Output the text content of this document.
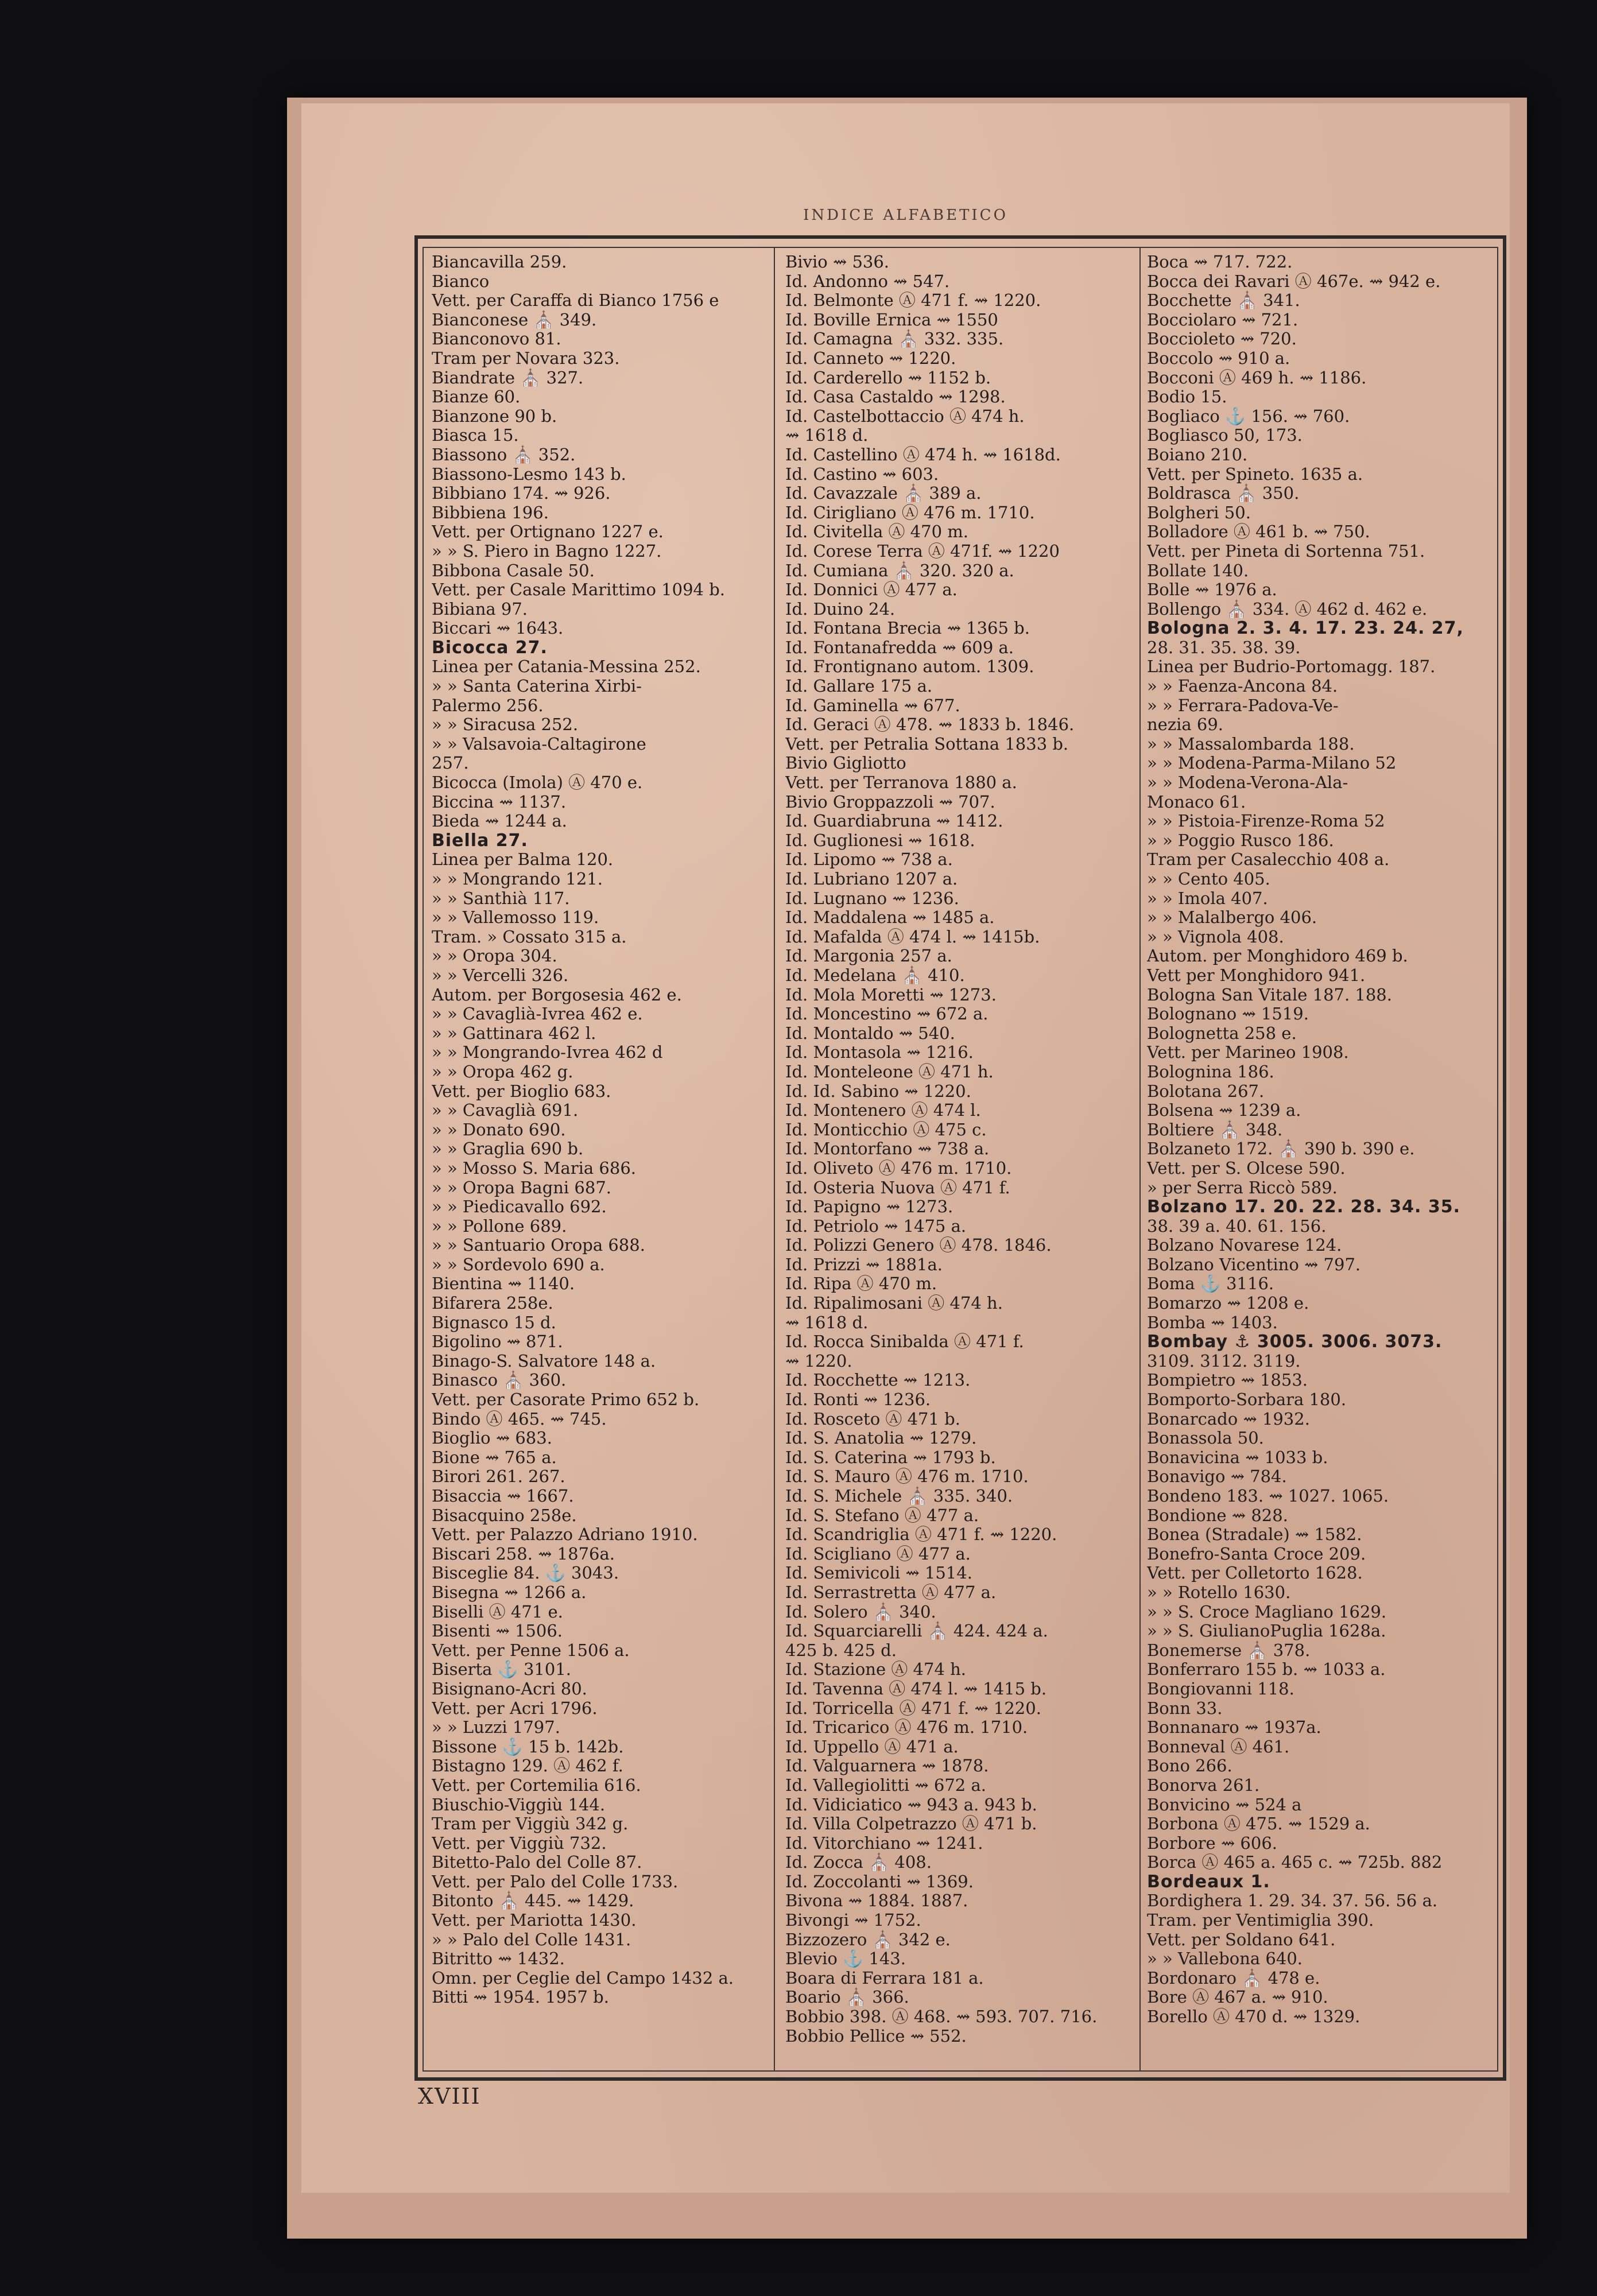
INDICE ALFABETICO
Biancavilla 259.
Bianco
Vett. per Caraffa di Bianco 1756 e
Bianconese ⛪ 349.
Bianconovo 81.
Tram per Novara 323.
Biandrate ⛪ 327.
Bianze 60.
Bianzone 90 b.
Biasca 15.
Biassono ⛪ 352.
Biassono-Lesmo 143 b.
Bibbiano 174. ⇝ 926.
Bibbiena 196.
Vett. per Ortignano 1227 e.
» » S. Piero in Bagno 1227.
Bibbona Casale 50.
Vett. per Casale Marittimo 1094 b.
Bibiana 97.
Biccari ⇝ 1643.
Bicocca 27.
Linea per Catania-Messina 252.
» » Santa Caterina Xirbi-
Palermo 256.
» » Siracusa 252.
» » Valsavoia-Caltagirone
257.
Bicocca (Imola) Ⓐ 470 e.
Biccina ⇝ 1137.
Bieda ⇝ 1244 a.
Biella 27.
Linea per Balma 120.
» » Mongrando 121.
» » Santhià 117.
» » Vallemosso 119.
Tram. » Cossato 315 a.
» » Oropa 304.
» » Vercelli 326.
Autom. per Borgosesia 462 e.
» » Cavaglià-Ivrea 462 e.
» » Gattinara 462 l.
» » Mongrando-Ivrea 462 d
» » Oropa 462 g.
Vett. per Bioglio 683.
» » Cavaglià 691.
» » Donato 690.
» » Graglia 690 b.
» » Mosso S. Maria 686.
» » Oropa Bagni 687.
» » Piedicavallo 692.
» » Pollone 689.
» » Santuario Oropa 688.
» » Sordevolo 690 a.
Bientina ⇝ 1140.
Bifarera 258e.
Bignasco 15 d.
Bigolino ⇝ 871.
Binago-S. Salvatore 148 a.
Binasco ⛪ 360.
Vett. per Casorate Primo 652 b.
Bindo Ⓐ 465. ⇝ 745.
Bioglio ⇝ 683.
Bione ⇝ 765 a.
Birori 261. 267.
Bisaccia ⇝ 1667.
Bisacquino 258e.
Vett. per Palazzo Adriano 1910.
Biscari 258. ⇝ 1876a.
Bisceglie 84. ⚓ 3043.
Bisegna ⇝ 1266 a.
Biselli Ⓐ 471 e.
Bisenti ⇝ 1506.
Vett. per Penne 1506 a.
Biserta ⚓ 3101.
Bisignano-Acri 80.
Vett. per Acri 1796.
» » Luzzi 1797.
Bissone ⚓ 15 b. 142b.
Bistagno 129. Ⓐ 462 f.
Vett. per Cortemilia 616.
Biuschio-Viggiù 144.
Tram per Viggiù 342 g.
Vett. per Viggiù 732.
Bitetto-Palo del Colle 87.
Vett. per Palo del Colle 1733.
Bitonto ⛪ 445. ⇝ 1429.
Vett. per Mariotta 1430.
» » Palo del Colle 1431.
Bitritto ⇝ 1432.
Omn. per Ceglie del Campo 1432 a.
Bitti ⇝ 1954. 1957 b.
Bivio ⇝ 536.
Id. Andonno ⇝ 547.
Id. Belmonte Ⓐ 471 f. ⇝ 1220.
Id. Boville Ernica ⇝ 1550
Id. Camagna ⛪ 332. 335.
Id. Canneto ⇝ 1220.
Id. Carderello ⇝ 1152 b.
Id. Casa Castaldo ⇝ 1298.
Id. Castelbottaccio Ⓐ 474 h.
⇝ 1618 d.
Id. Castellino Ⓐ 474 h. ⇝ 1618d.
Id. Castino ⇝ 603.
Id. Cavazzale ⛪ 389 a.
Id. Cirigliano Ⓐ 476 m. 1710.
Id. Civitella Ⓐ 470 m.
Id. Corese Terra Ⓐ 471f. ⇝ 1220
Id. Cumiana ⛪ 320. 320 a.
Id. Donnici Ⓐ 477 a.
Id. Duino 24.
Id. Fontana Brecia ⇝ 1365 b.
Id. Fontanafredda ⇝ 609 a.
Id. Frontignano autom. 1309.
Id. Gallare 175 a.
Id. Gaminella ⇝ 677.
Id. Geraci Ⓐ 478. ⇝ 1833 b. 1846.
Vett. per Petralia Sottana 1833 b.
Bivio Gigliotto
Vett. per Terranova 1880 a.
Bivio Groppazzoli ⇝ 707.
Id. Guardiabruna ⇝ 1412.
Id. Guglionesi ⇝ 1618.
Id. Lipomo ⇝ 738 a.
Id. Lubriano 1207 a.
Id. Lugnano ⇝ 1236.
Id. Maddalena ⇝ 1485 a.
Id. Mafalda Ⓐ 474 l. ⇝ 1415b.
Id. Margonia 257 a.
Id. Medelana ⛪ 410.
Id. Mola Moretti ⇝ 1273.
Id. Moncestino ⇝ 672 a.
Id. Montaldo ⇝ 540.
Id. Montasola ⇝ 1216.
Id. Monteleone Ⓐ 471 h.
Id. Id. Sabino ⇝ 1220.
Id. Montenero Ⓐ 474 l.
Id. Monticchio Ⓐ 475 c.
Id. Montorfano ⇝ 738 a.
Id. Oliveto Ⓐ 476 m. 1710.
Id. Osteria Nuova Ⓐ 471 f.
Id. Papigno ⇝ 1273.
Id. Petriolo ⇝ 1475 a.
Id. Polizzi Genero Ⓐ 478. 1846.
Id. Prizzi ⇝ 1881a.
Id. Ripa Ⓐ 470 m.
Id. Ripalimosani Ⓐ 474 h.
⇝ 1618 d.
Id. Rocca Sinibalda Ⓐ 471 f.
⇝ 1220.
Id. Rocchette ⇝ 1213.
Id. Ronti ⇝ 1236.
Id. Rosceto Ⓐ 471 b.
Id. S. Anatolia ⇝ 1279.
Id. S. Caterina ⇝ 1793 b.
Id. S. Mauro Ⓐ 476 m. 1710.
Id. S. Michele ⛪ 335. 340.
Id. S. Stefano Ⓐ 477 a.
Id. Scandriglia Ⓐ 471 f. ⇝ 1220.
Id. Scigliano Ⓐ 477 a.
Id. Semivicoli ⇝ 1514.
Id. Serrastretta Ⓐ 477 a.
Id. Solero ⛪ 340.
Id. Squarciarelli ⛪ 424. 424 a.
425 b. 425 d.
Id. Stazione Ⓐ 474 h.
Id. Tavenna Ⓐ 474 l. ⇝ 1415 b.
Id. Torricella Ⓐ 471 f. ⇝ 1220.
Id. Tricarico Ⓐ 476 m. 1710.
Id. Uppello Ⓐ 471 a.
Id. Valguarnera ⇝ 1878.
Id. Vallegiolitti ⇝ 672 a.
Id. Vidiciatico ⇝ 943 a. 943 b.
Id. Villa Colpetrazzo Ⓐ 471 b.
Id. Vitorchiano ⇝ 1241.
Id. Zocca ⛪ 408.
Id. Zoccolanti ⇝ 1369.
Bivona ⇝ 1884. 1887.
Bivongi ⇝ 1752.
Bizzozero ⛪ 342 e.
Blevio ⚓ 143.
Boara di Ferrara 181 a.
Boario ⛪ 366.
Bobbio 398. Ⓐ 468. ⇝ 593. 707. 716.
Bobbio Pellice ⇝ 552.
Boca ⇝ 717. 722.
Bocca dei Ravari Ⓐ 467e. ⇝ 942 e.
Bocchette ⛪ 341.
Bocciolaro ⇝ 721.
Boccioleto ⇝ 720.
Boccolo ⇝ 910 a.
Bocconi Ⓐ 469 h. ⇝ 1186.
Bodio 15.
Bogliaco ⚓ 156. ⇝ 760.
Bogliasco 50, 173.
Boiano 210.
Vett. per Spineto. 1635 a.
Boldrasca ⛪ 350.
Bolgheri 50.
Bolladore Ⓐ 461 b. ⇝ 750.
Vett. per Pineta di Sortenna 751.
Bollate 140.
Bolle ⇝ 1976 a.
Bollengo ⛪ 334. Ⓐ 462 d. 462 e.
Bologna 2. 3. 4. 17. 23. 24. 27,
28. 31. 35. 38. 39.
Linea per Budrio-Portomagg. 187.
» » Faenza-Ancona 84.
» » Ferrara-Padova-Ve-
nezia 69.
» » Massalombarda 188.
» » Modena-Parma-Milano 52
» » Modena-Verona-Ala-
Monaco 61.
» » Pistoia-Firenze-Roma 52
» » Poggio Rusco 186.
Tram per Casalecchio 408 a.
» » Cento 405.
» » Imola 407.
» » Malalbergo 406.
» » Vignola 408.
Autom. per Monghidoro 469 b.
Vett per Monghidoro 941.
Bologna San Vitale 187. 188.
Bolognano ⇝ 1519.
Bolognetta 258 e.
Vett. per Marineo 1908.
Bolognina 186.
Bolotana 267.
Bolsena ⇝ 1239 a.
Boltiere ⛪ 348.
Bolzaneto 172. ⛪ 390 b. 390 e.
Vett. per S. Olcese 590.
» per Serra Riccò 589.
Bolzano 17. 20. 22. 28. 34. 35.
38. 39 a. 40. 61. 156.
Bolzano Novarese 124.
Bolzano Vicentino ⇝ 797.
Boma ⚓ 3116.
Bomarzo ⇝ 1208 e.
Bomba ⇝ 1403.
Bombay ⚓ 3005. 3006. 3073.
3109. 3112. 3119.
Bompietro ⇝ 1853.
Bomporto-Sorbara 180.
Bonarcado ⇝ 1932.
Bonassola 50.
Bonavicina ⇝ 1033 b.
Bonavigo ⇝ 784.
Bondeno 183. ⇝ 1027. 1065.
Bondione ⇝ 828.
Bonea (Stradale) ⇝ 1582.
Bonefro-Santa Croce 209.
Vett. per Colletorto 1628.
» » Rotello 1630.
» » S. Croce Magliano 1629.
» » S. GiulianoPuglia 1628a.
Bonemerse ⛪ 378.
Bonferraro 155 b. ⇝ 1033 a.
Bongiovanni 118.
Bonn 33.
Bonnanaro ⇝ 1937a.
Bonneval Ⓐ 461.
Bono 266.
Bonorva 261.
Bonvicino ⇝ 524 a
Borbona Ⓐ 475. ⇝ 1529 a.
Borbore ⇝ 606.
Borca Ⓐ 465 a. 465 c. ⇝ 725b. 882
Bordeaux 1.
Bordighera 1. 29. 34. 37. 56. 56 a.
Tram. per Ventimiglia 390.
Vett. per Soldano 641.
» » Vallebona 640.
Bordonaro ⛪ 478 e.
Bore Ⓐ 467 a. ⇝ 910.
Borello Ⓐ 470 d. ⇝ 1329.
XVIII
